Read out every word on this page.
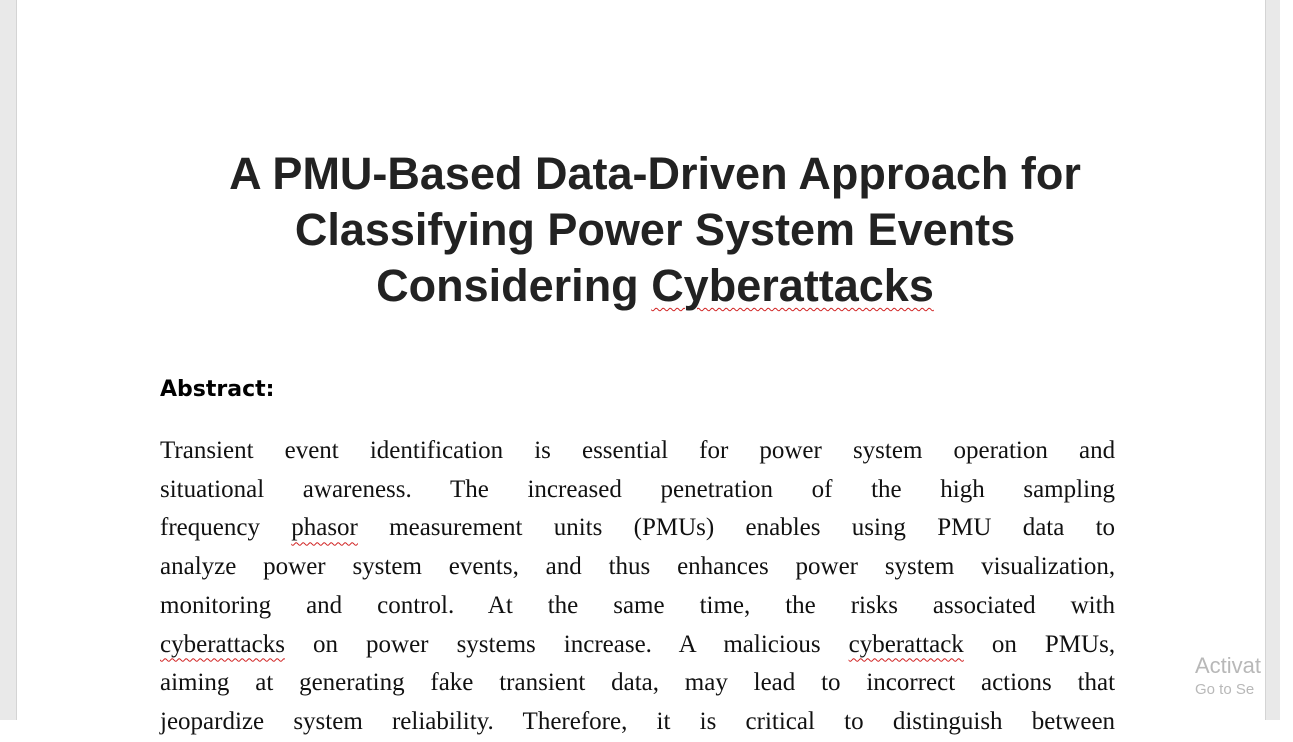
A PMU-Based Data-Driven Approach for
Classifying Power System Events
Considering Cyberattacks
Abstract:
Transient event identification is essential for power system operation and
situational awareness. The increased penetration of the high sampling
frequency phasor measurement units (PMUs) enables using PMU data to
analyze power system events, and thus enhances power system visualization,
monitoring and control. At the same time, the risks associated with
cyberattacks on power systems increase. A malicious cyberattack on PMUs,
aiming at generating fake transient data, may lead to incorrect actions that
jeopardize system reliability. Therefore, it is critical to distinguish between
Activat
Go to Se
